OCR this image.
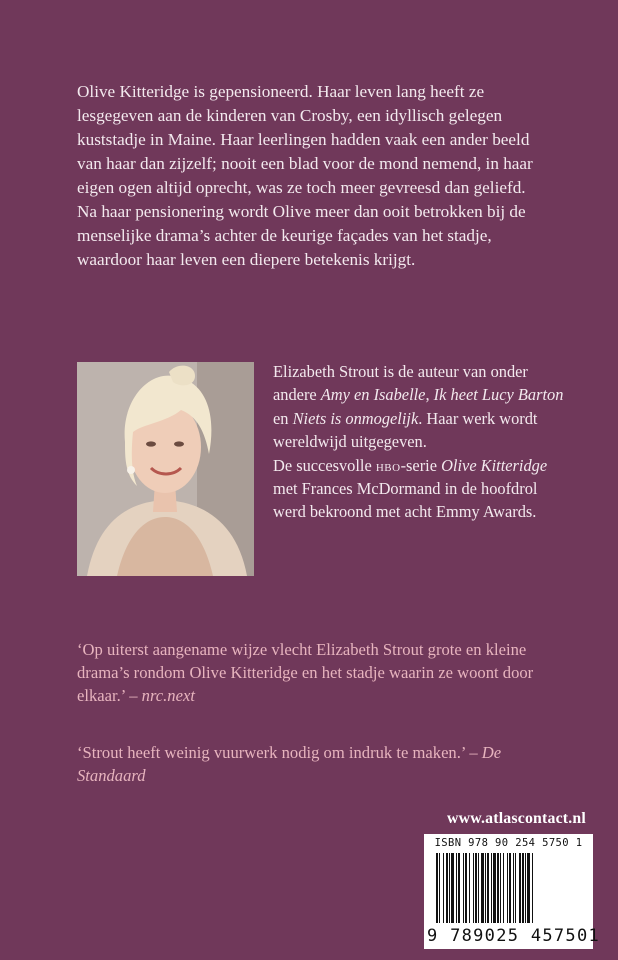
Olive Kitteridge is gepensioneerd. Haar leven lang heeft ze lesgegeven aan de kinderen van Crosby, een idyllisch gelegen kuststadje in Maine. Haar leerlingen hadden vaak een ander beeld van haar dan zijzelf; nooit een blad voor de mond nemend, in haar eigen ogen altijd oprecht, was ze toch meer gevreesd dan geliefd. Na haar pensionering wordt Olive meer dan ooit betrokken bij de menselijke drama’s achter de keurige façades van het stadje, waardoor haar leven een diepere betekenis krijgt.

Elizabeth Strout is de auteur van onder andere Amy en Isabelle, Ik heet Lucy Barton en Niets is onmogelijk. Haar werk wordt wereldwijd uitgegeven.
De succesvolle hbo-serie Olive Kitteridge met Frances McDormand in de hoofdrol werd bekroond met acht Emmy Awards.

‘Op uiterst aangename wijze vlecht Elizabeth Strout grote en kleine drama’s rondom Olive Kitteridge en het stadje waarin ze woont door elkaar.’ – nrc.next

‘Strout heeft weinig vuurwerk nodig om indruk te maken.’ – De Standaard

www.atlascontact.nl
ISBN 978 90 254 5750 1
9 789025 457501
